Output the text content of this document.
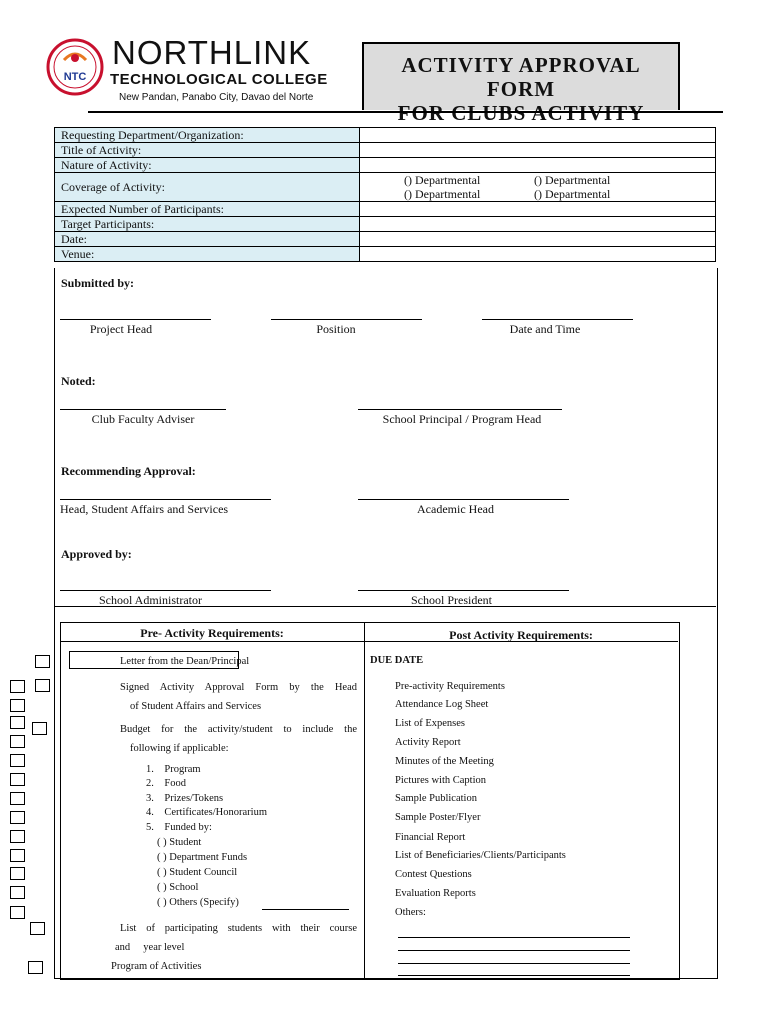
NTC
NORTHLINK
TECHNOLOGICAL COLLEGE
New Pandan, Panabo City, Davao del Norte
ACTIVITY APPROVAL
FORM
FOR CLUBS ACTIVITY
Requesting Department/Organization:	
Title of Activity:	
Nature of Activity:	
Coverage of Activity:	() Departmental () Departmental
() Departmental () Departmental
Expected Number of Participants:	
Target Participants:	
Date:	
Venue:	
Submitted by:
Project Head	Position	Date and Time
Noted:
Club Faculty Adviser	School Principal / Program Head
Recommending Approval:
Head, Student Affairs and Services	Academic Head
Approved by:
School Administrator	School President
Pre- Activity Requirements:	Post Activity Requirements:
Letter from the Dean/Principal
Signed Activity Approval Form by the Head
of Student Affairs and Services
Budget for the activity/student to include the
following if applicable:
1.    Program
2.    Food
3.    Prizes/Tokens
4.    Certificates/Honorarium
5.    Funded by:
( ) Student
( ) Department Funds
( ) Student Council
( ) School
( ) Others (Specify)
List of participating students with their course
and     year level
Program of Activities
DUE DATE
Pre-activity Requirements
Attendance Log Sheet
List of Expenses
Activity Report
Minutes of the Meeting
Pictures with Caption
Sample Publication
Sample Poster/Flyer
Financial Report
List of Beneficiaries/Clients/Participants
Contest Questions
Evaluation Reports
Others:
